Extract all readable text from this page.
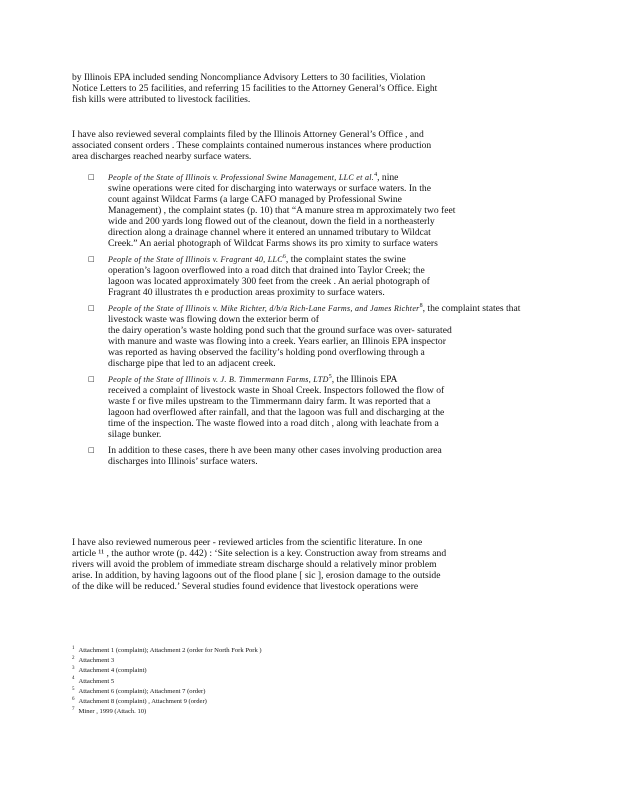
by Illinois EPA included sending Noncompliance Advisory Letters to 30 facilities, Violation
Notice Letters to 25 facilities, and referring 15 facilities to the Attorney General’s Office. Eight
fish kills were attributed to livestock facilities.
I have also reviewed several complaints filed by the Illinois Attorney General’s Office , and
associated consent orders . These complaints contained numerous instances where production
area discharges reached nearby surface waters.
□ People of the State of Illinois v. Professional Swine Management, LLC et al.$^4$, nine
swine operations were cited for discharging into waterways or surface waters. In the
count against Wildcat Farms (a large CAFO managed by Professional Swine
Management) , the complaint states (p. 10) that “A manure strea m approximately two feet
wide and 200 yards long flowed out of the cleanout, down the field in a northeasterly
direction along a drainage channel where it entered an unnamed tributary to Wildcat
Creek.” An aerial photograph of Wildcat Farms shows its pro ximity to surface waters
□ People of the State of Illinois v. Fragrant 40, LLC$^6$, the complaint states the swine
operation’s lagoon overflowed into a road ditch that drained into Taylor Creek; the
lagoon was located approximately 300 feet from the creek . An aerial photograph of
Fragrant 40 illustrates th e production areas proximity to surface waters.
□ People of the State of Illinois v. Mike Richter, d/b/a Rich-Lane Farms, and James Richter$^8$, the complaint states that livestock waste was flowing down the exterior berm of
the dairy operation’s waste holding pond such that the ground surface was over- saturated
with manure and waste was flowing into a creek. Years earlier, an Illinois EPA inspector
was reported as having observed the facility’s holding pond overflowing through a
discharge pipe that led to an adjacent creek.
□ People of the State of Illinois v. J. B. Timmermann Farms, LTD$^5$, the Illinois EPA
received a complaint of livestock waste in Shoal Creek. Inspectors followed the flow of
waste f or five miles upstream to the Timmermann dairy farm. It was reported that a
lagoon had overflowed after rainfall, and that the lagoon was full and discharging at the
time of the inspection. The waste flowed into a road ditch , along with leachate from a
silage bunker.
□ In addition to these cases, there h ave been many other cases involving production area
discharges into Illinois’ surface waters.
I have also reviewed numerous peer - reviewed articles from the scientific literature. In one
article ¹¹ , the author wrote (p. 442) : ‘Site selection is a key. Construction away from streams and
rivers will avoid the problem of immediate stream discharge should a relatively minor problem
arise. In addition, by having lagoons out of the flood plane [ sic ], erosion damage to the outside
of the dike will be reduced.’ Several studies found evidence that livestock operations were
$^1$ Attachment 1 (complaint); Attachment 2 (order for North Fork Pork )
$^2$ Attachment 3
$^3$ Attachment 4 (complaint)
$^4$ Attachment 5
$^5$ Attachment 6 (complaint); Attachment 7 (order)
$^6$ Attachment 8 (complaint) , Attachment 9 (order)
$^7$ Miner , 1999 (Attach. 10)
